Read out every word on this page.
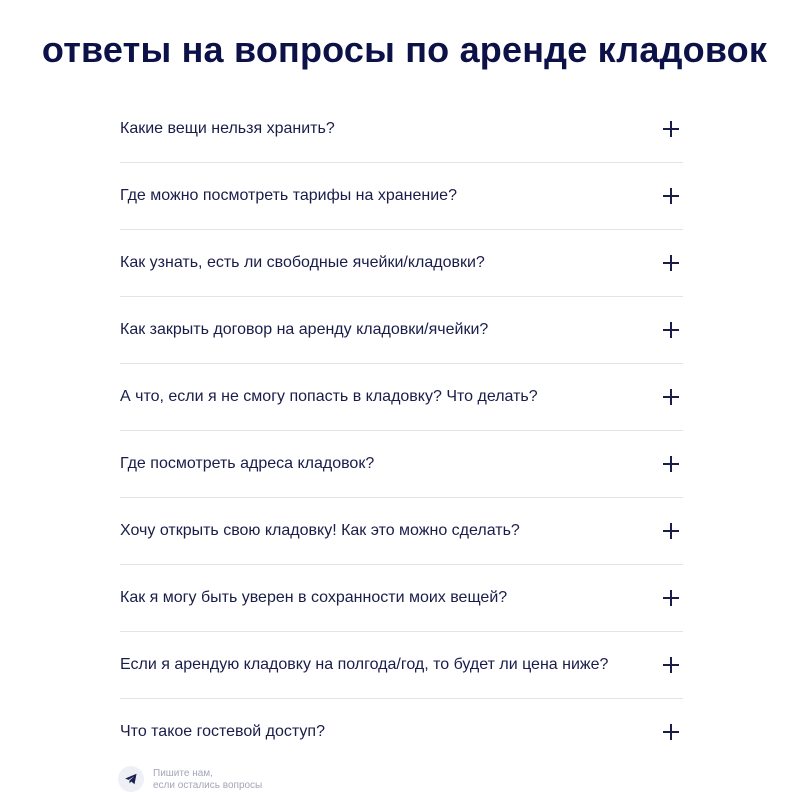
ответы на вопросы по аренде кладовок
Какие вещи нельзя хранить?
Где можно посмотреть тарифы на хранение?
Как узнать, есть ли свободные ячейки/кладовки?
Как закрыть договор на аренду кладовки/ячейки?
А что, если я не смогу попасть в кладовку? Что делать?
Где посмотреть адреса кладовок?
Хочу открыть свою кладовку! Как это можно сделать?
Как я могу быть уверен в сохранности моих вещей?
Если я арендую кладовку на полгода/год, то будет ли цена ниже?
Что такое гостевой доступ?
Пишите нам,
если остались вопросы
